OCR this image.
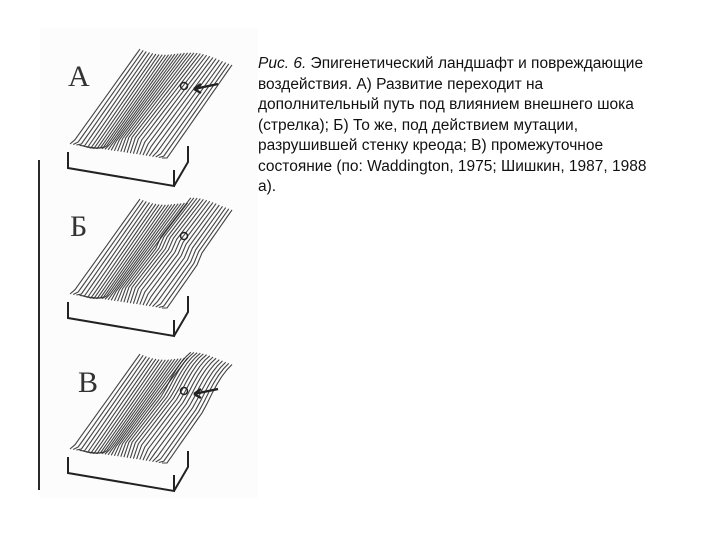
А
Б
В
Рис. 6. Эпигенетический ландшафт и повреждающие воздействия. А) Развитие переходит на дополнительный путь под влиянием внешнего шока (стрелка); Б) То же, под действием мутации, разрушившей стенку креода; В) промежуточное состояние (по: Waddington, 1975; Шишкин, 1987, 1988 а).
